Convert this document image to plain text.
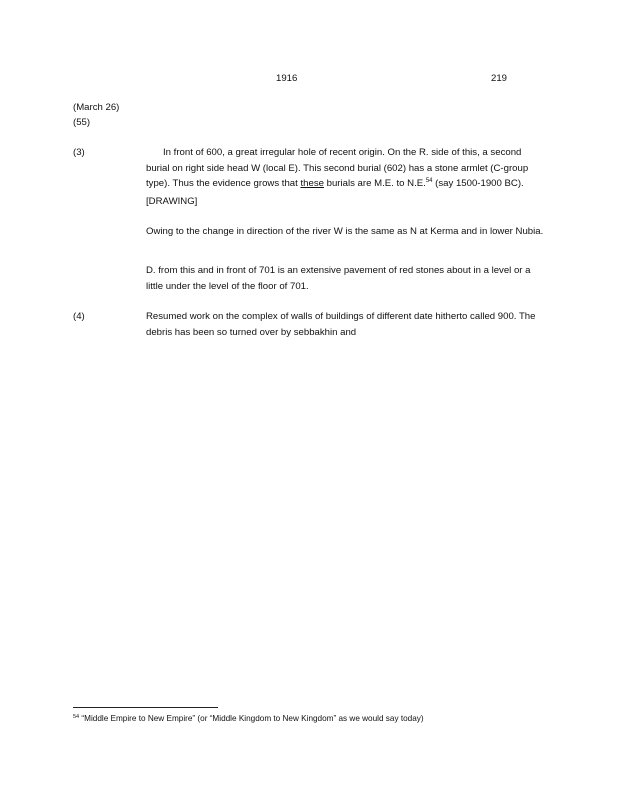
1916	219
(March 26)
(55)
(3)	In front of 600, a great irregular hole of recent origin. On the R. side of this, a second burial on right side head W (local E). This second burial (602) has a stone armlet (C-group type). Thus the evidence grows that these burials are M.E. to N.E.$^{54}$ (say 1500-1900 BC).
[DRAWING]
Owing to the change in direction of the river W is the same as N at Kerma and in lower Nubia.
D. from this and in front of 701 is an extensive pavement of red stones about in a level or a little under the level of the floor of 701.
(4)	Resumed work on the complex of walls of buildings of different date hitherto called 900. The debris has been so turned over by sebbakhin and
$^{54}$ “Middle Empire to New Empire” (or “Middle Kingdom to New Kingdom” as we would say today)
